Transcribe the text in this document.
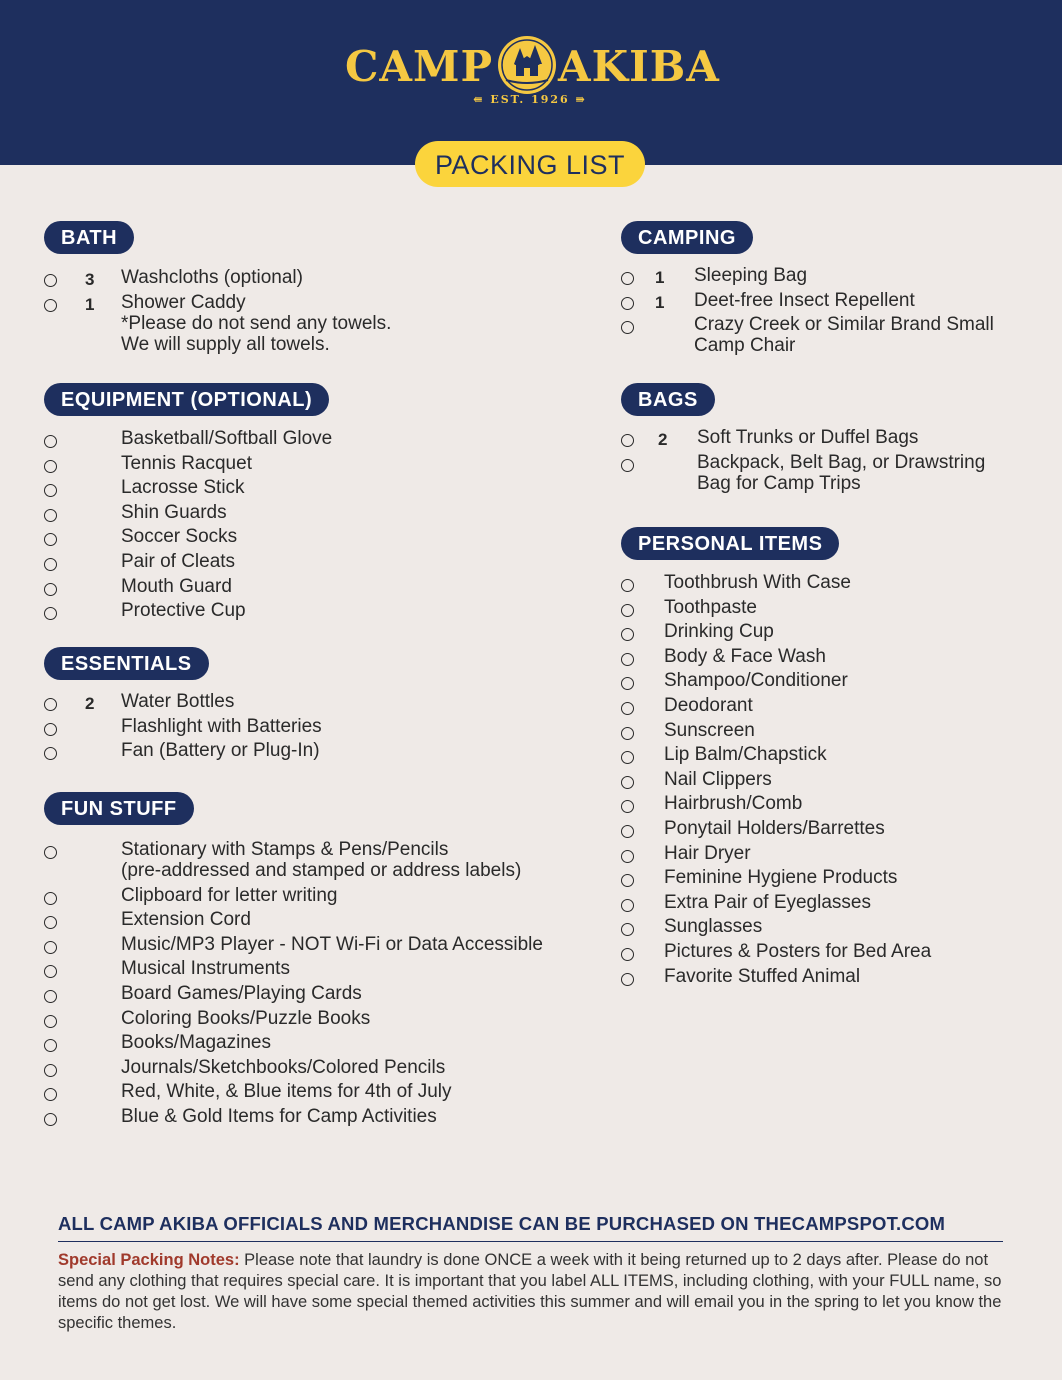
CAMP AKIBA
⇚ EST. 1926 ⇛
PACKING LIST
BATH
3 Washcloths (optional)
1 Shower Caddy
*Please do not send any towels.
We will supply all towels.
EQUIPMENT (OPTIONAL)
Basketball/Softball Glove
Tennis Racquet
Lacrosse Stick
Shin Guards
Soccer Socks
Pair of Cleats
Mouth Guard
Protective Cup
ESSENTIALS
2 Water Bottles
Flashlight with Batteries
Fan (Battery or Plug-In)
FUN STUFF
Stationary with Stamps & Pens/Pencils
(pre-addressed and stamped or address labels)
Clipboard for letter writing
Extension Cord
Music/MP3 Player - NOT Wi-Fi or Data Accessible
Musical Instruments
Board Games/Playing Cards
Coloring Books/Puzzle Books
Books/Magazines
Journals/Sketchbooks/Colored Pencils
Red, White, & Blue items for 4th of July
Blue & Gold Items for Camp Activities
CAMPING
1 Sleeping Bag
1 Deet-free Insect Repellent
Crazy Creek or Similar Brand Small
Camp Chair
BAGS
2 Soft Trunks or Duffel Bags
Backpack, Belt Bag, or Drawstring
Bag for Camp Trips
PERSONAL ITEMS
Toothbrush With Case
Toothpaste
Drinking Cup
Body & Face Wash
Shampoo/Conditioner
Deodorant
Sunscreen
Lip Balm/Chapstick
Nail Clippers
Hairbrush/Comb
Ponytail Holders/Barrettes
Hair Dryer
Feminine Hygiene Products
Extra Pair of Eyeglasses
Sunglasses
Pictures & Posters for Bed Area
Favorite Stuffed Animal
ALL CAMP AKIBA OFFICIALS AND MERCHANDISE CAN BE PURCHASED ON THECAMPSPOT.COM
Special Packing Notes: Please note that laundry is done ONCE a week with it being returned up to 2 days after. Please do not send any clothing that requires special care. It is important that you label ALL ITEMS, including clothing, with your FULL name, so items do not get lost. We will have some special themed activities this summer and will email you in the spring to let you know the specific themes.
